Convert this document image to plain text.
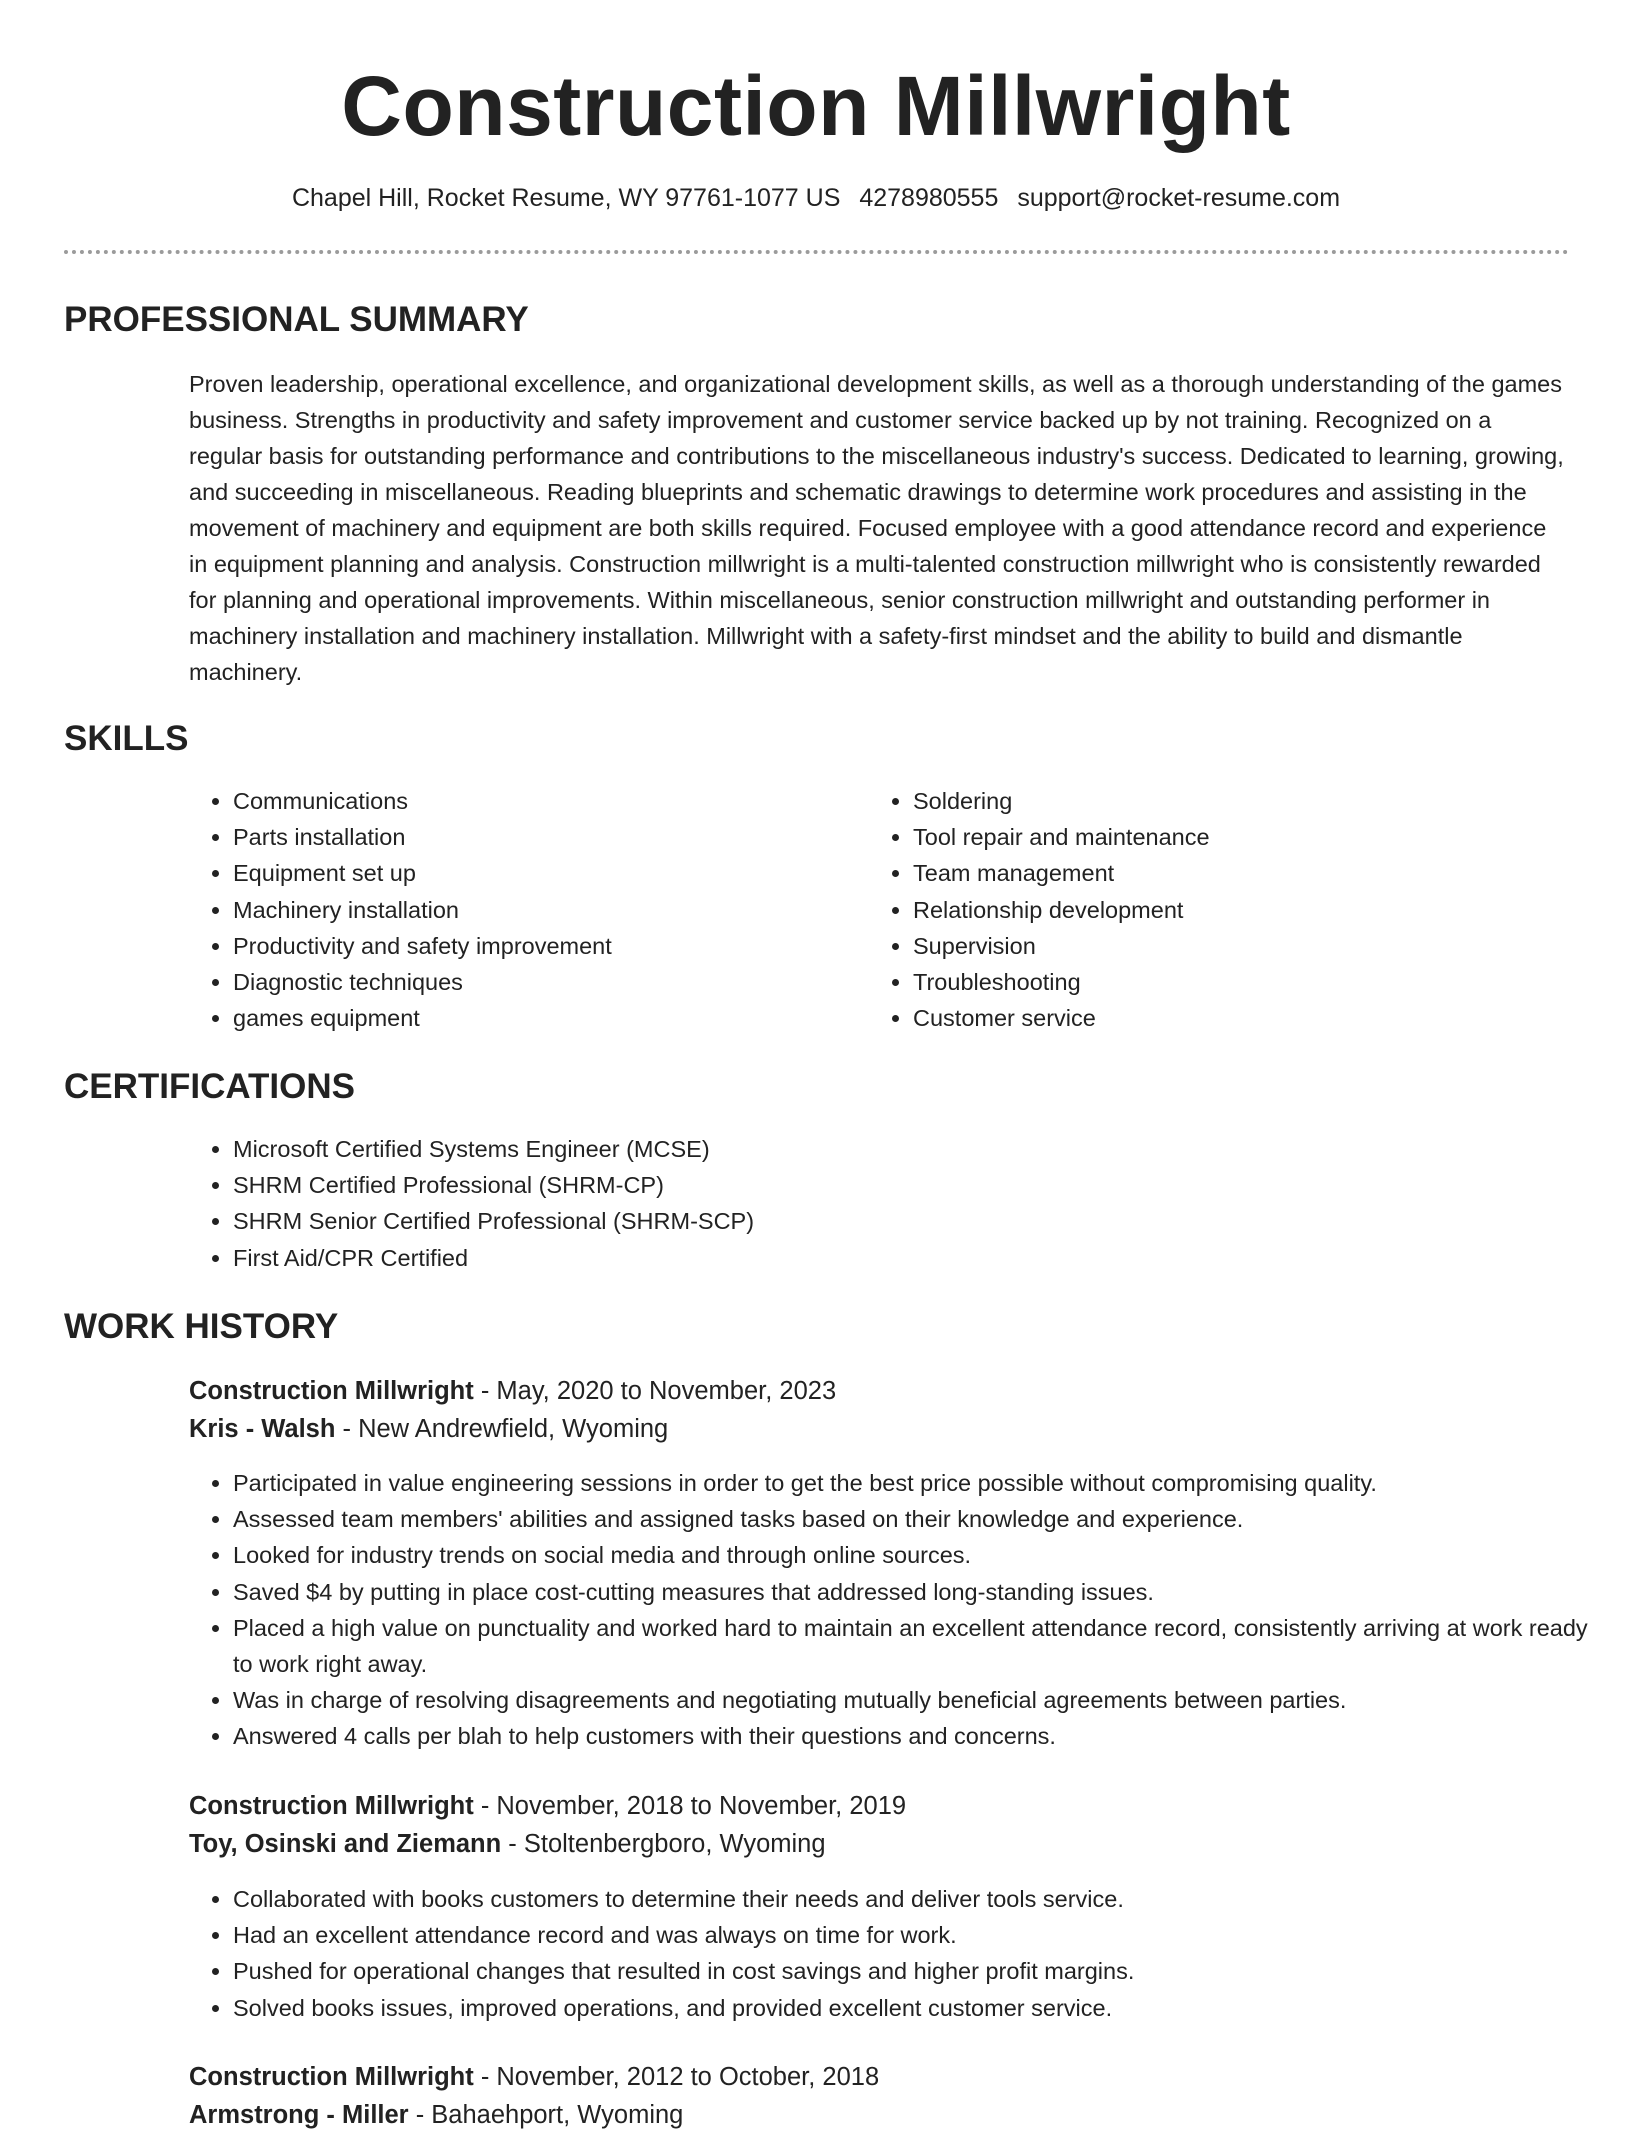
Construction Millwright
Chapel Hill, Rocket Resume, WY 97761-1077 US 4278980555 support@rocket-resume.com
PROFESSIONAL SUMMARY

Proven leadership, operational excellence, and organizational development skills, as well as a thorough understanding of the games business. Strengths in productivity and safety improvement and customer service backed up by not training. Recognized on a regular basis for outstanding performance and contributions to the miscellaneous industry's success. Dedicated to learning, growing, and succeeding in miscellaneous. Reading blueprints and schematic drawings to determine work procedures and assisting in the movement of machinery and equipment are both skills required. Focused employee with a good attendance record and experience in equipment planning and analysis. Construction millwright is a multi-talented construction millwright who is consistently rewarded for planning and operational improvements. Within miscellaneous, senior construction millwright and outstanding performer in machinery installation and machinery installation. Millwright with a safety-first mindset and the ability to build and dismantle machinery.

SKILLS
• Communications
• Parts installation
• Equipment set up
• Machinery installation
• Productivity and safety improvement
• Diagnostic techniques
• games equipment
• Soldering
• Tool repair and maintenance
• Team management
• Relationship development
• Supervision
• Troubleshooting
• Customer service
CERTIFICATIONS
• Microsoft Certified Systems Engineer (MCSE)
• SHRM Certified Professional (SHRM-CP)
• SHRM Senior Certified Professional (SHRM-SCP)
• First Aid/CPR Certified
WORK HISTORY
Construction Millwright - May, 2020 to November, 2023
Kris - Walsh - New Andrewfield, Wyoming
• Participated in value engineering sessions in order to get the best price possible without compromising quality.
• Assessed team members' abilities and assigned tasks based on their knowledge and experience.
• Looked for industry trends on social media and through online sources.
• Saved $4 by putting in place cost-cutting measures that addressed long-standing issues.
• Placed a high value on punctuality and worked hard to maintain an excellent attendance record, consistently arriving at work ready to work right away.
• Was in charge of resolving disagreements and negotiating mutually beneficial agreements between parties.
• Answered 4 calls per blah to help customers with their questions and concerns.
Construction Millwright - November, 2018 to November, 2019
Toy, Osinski and Ziemann - Stoltenbergboro, Wyoming
• Collaborated with books customers to determine their needs and deliver tools service.
• Had an excellent attendance record and was always on time for work.
• Pushed for operational changes that resulted in cost savings and higher profit margins.
• Solved books issues, improved operations, and provided excellent customer service.
Construction Millwright - November, 2012 to October, 2018
Armstrong - Miller - Bahaehport, Wyoming
